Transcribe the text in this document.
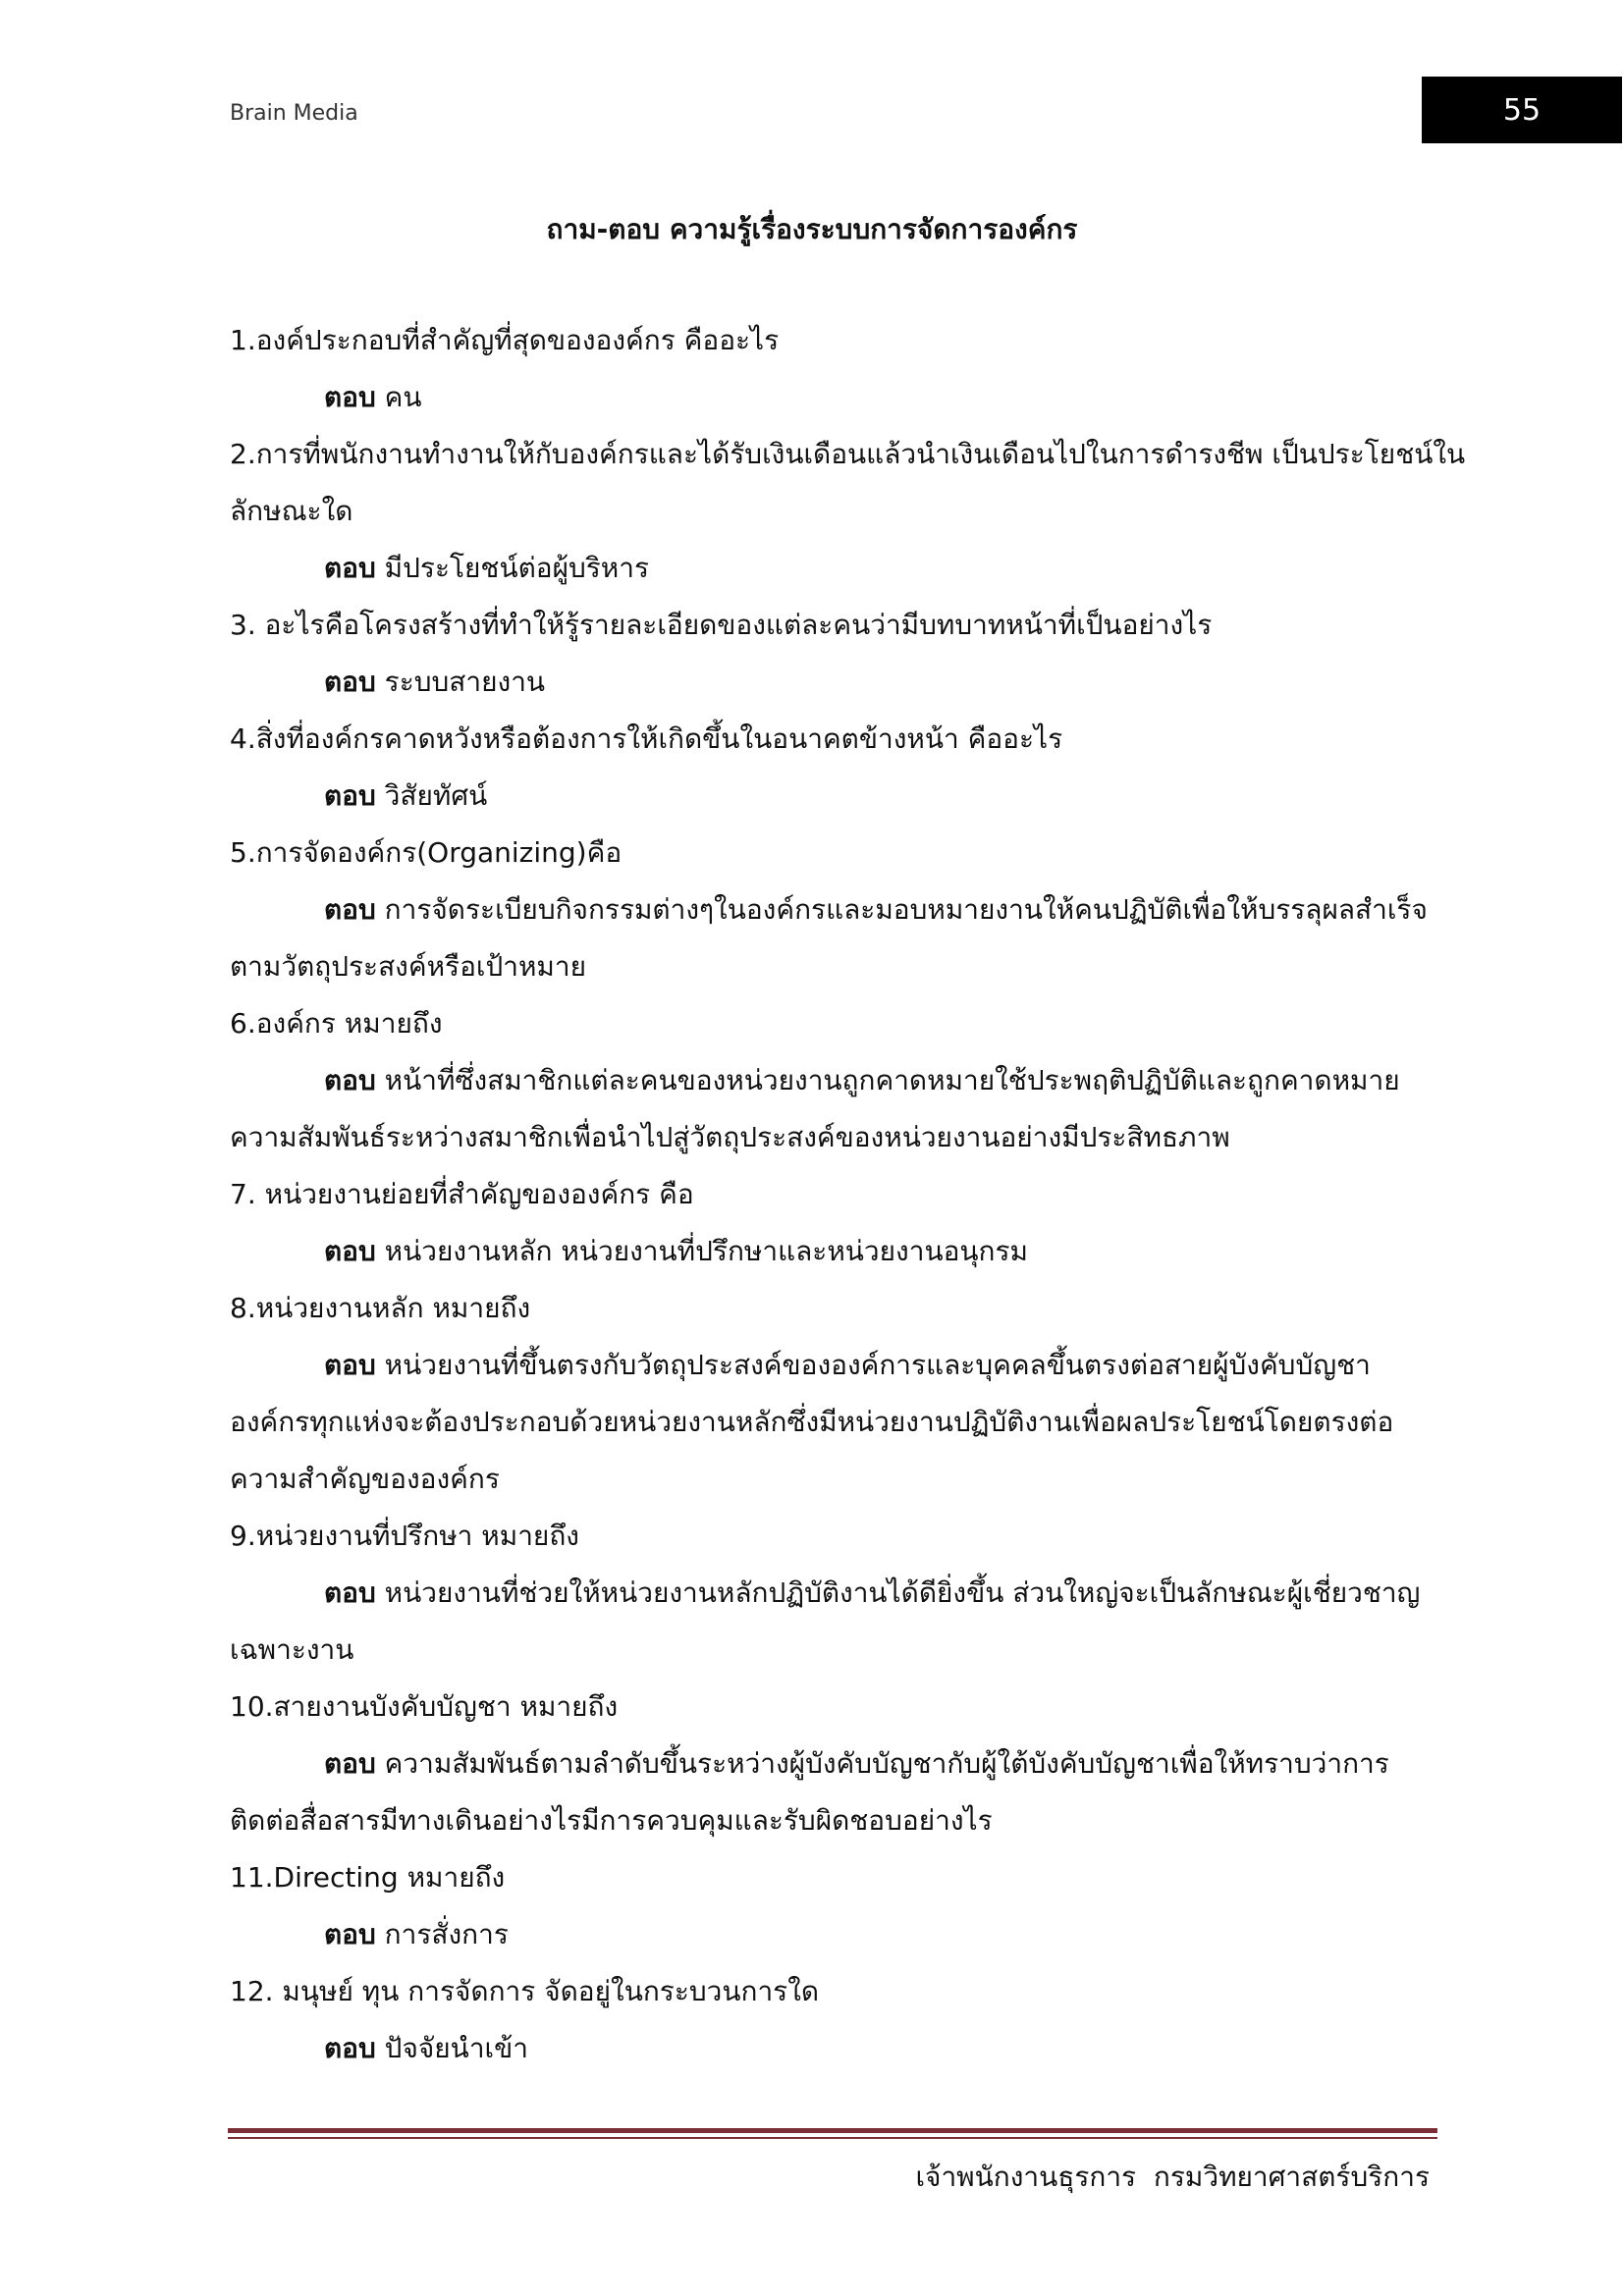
Brain Media	55
ถาม-ตอบ ความรู้เรื่องระบบการจัดการองค์กร
1.องค์ประกอบที่สำคัญที่สุดขององค์กร คืออะไร
ตอบ คน
2.การที่พนักงานทำงานให้กับองค์กรและได้รับเงินเดือนแล้วนำเงินเดือนไปในการดำรงชีพ เป็นประโยชน์ใน
ลักษณะใด
ตอบ มีประโยชน์ต่อผู้บริหาร
3. อะไรคือโครงสร้างที่ทำให้รู้รายละเอียดของแต่ละคนว่ามีบทบาทหน้าที่เป็นอย่างไร
ตอบ ระบบสายงาน
4.สิ่งที่องค์กรคาดหวังหรือต้องการให้เกิดขึ้นในอนาคตข้างหน้า คืออะไร
ตอบ วิสัยทัศน์
5.การจัดองค์กร(Organizing)คือ
ตอบ การจัดระเบียบกิจกรรมต่างๆในองค์กรและมอบหมายงานให้คนปฏิบัติเพื่อให้บรรลุผลสำเร็จ
ตามวัตถุประสงค์หรือเป้าหมาย
6.องค์กร หมายถึง
ตอบ หน้าที่ซึ่งสมาชิกแต่ละคนของหน่วยงานถูกคาดหมายใช้ประพฤติปฏิบัติและถูกคาดหมาย
ความสัมพันธ์ระหว่างสมาชิกเพื่อนำไปสู่วัตถุประสงค์ของหน่วยงานอย่างมีประสิทธภาพ
7. หน่วยงานย่อยที่สำคัญขององค์กร คือ
ตอบ หน่วยงานหลัก หน่วยงานที่ปรึกษาและหน่วยงานอนุกรม
8.หน่วยงานหลัก หมายถึง
ตอบ หน่วยงานที่ขึ้นตรงกับวัตถุประสงค์ขององค์การและบุคคลขึ้นตรงต่อสายผู้บังคับบัญชา
องค์กรทุกแห่งจะต้องประกอบด้วยหน่วยงานหลักซึ่งมีหน่วยงานปฏิบัติงานเพื่อผลประโยชน์โดยตรงต่อ
ความสำคัญขององค์กร
9.หน่วยงานที่ปรึกษา หมายถึง
ตอบ หน่วยงานที่ช่วยให้หน่วยงานหลักปฏิบัติงานได้ดียิ่งขึ้น ส่วนใหญ่จะเป็นลักษณะผู้เชี่ยวชาญ
เฉพาะงาน
10.สายงานบังคับบัญชา หมายถึง
ตอบ ความสัมพันธ์ตามลำดับขึ้นระหว่างผู้บังคับบัญชากับผู้ใต้บังคับบัญชาเพื่อให้ทราบว่าการ
ติดต่อสื่อสารมีทางเดินอย่างไรมีการควบคุมและรับผิดชอบอย่างไร
11.Directing หมายถึง
ตอบ การสั่งการ
12. มนุษย์ ทุน การจัดการ จัดอยู่ในกระบวนการใด
ตอบ ปัจจัยนำเข้า
เจ้าพนักงานธุรการ  กรมวิทยาศาสตร์บริการ
